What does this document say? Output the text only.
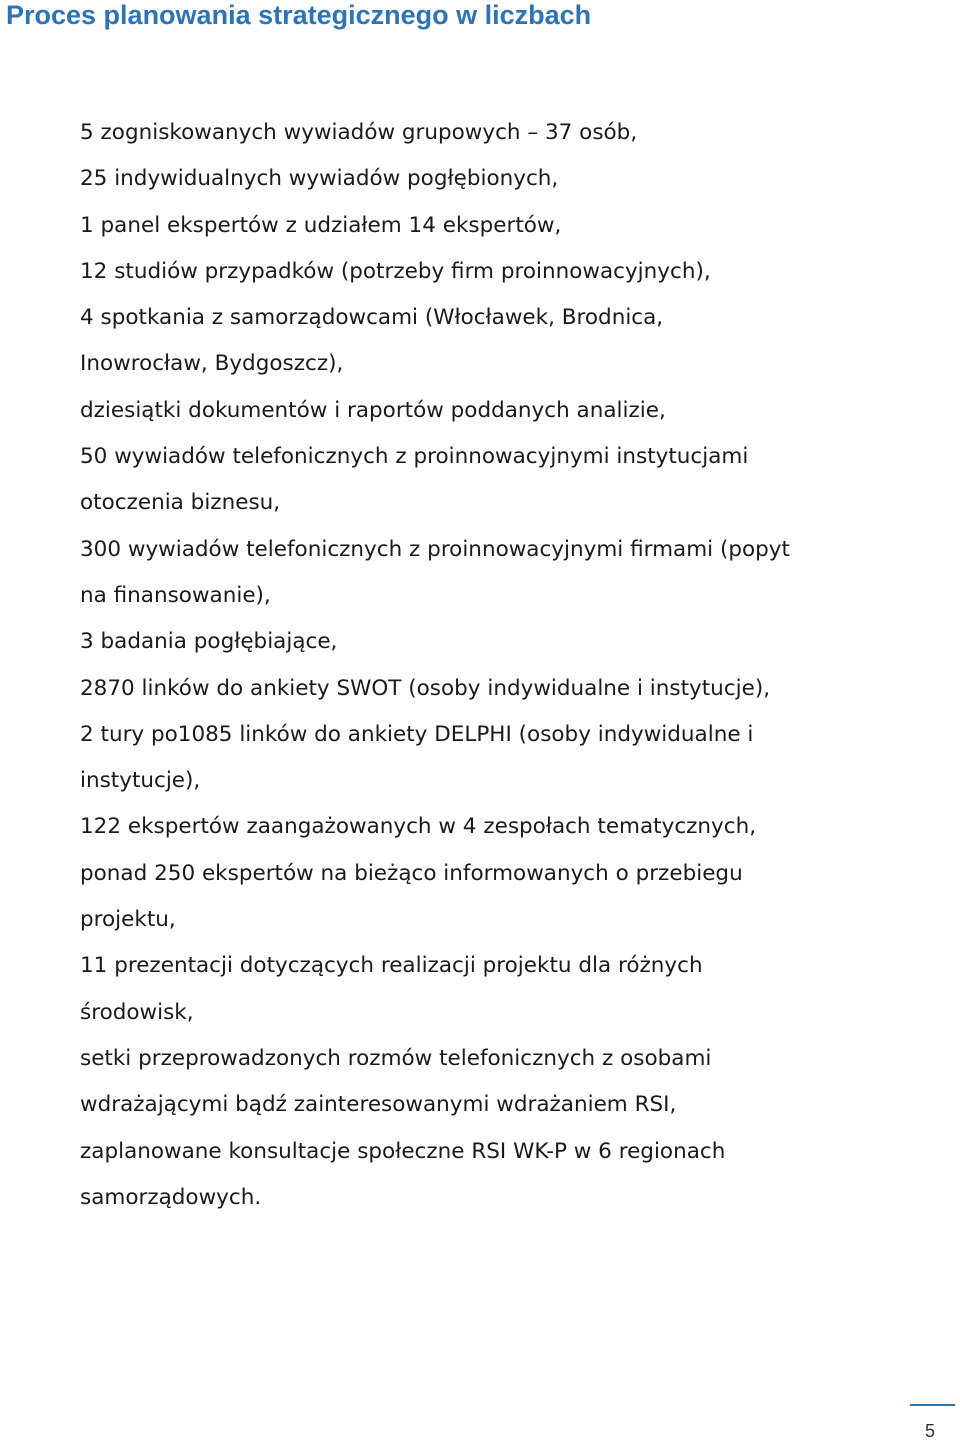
Proces planowania strategicznego w liczbach
5 zogniskowanych wywiadów grupowych – 37 osób,
25 indywidualnych wywiadów pogłębionych,
1 panel ekspertów z udziałem 14 ekspertów,
12 studiów przypadków (potrzeby firm proinnowacyjnych),
4 spotkania z samorządowcami (Włocławek, Brodnica,
Inowrocław, Bydgoszcz),
dziesiątki dokumentów i raportów poddanych analizie,
50 wywiadów telefonicznych z proinnowacyjnymi instytucjami
otoczenia biznesu,
300 wywiadów telefonicznych z proinnowacyjnymi firmami (popyt
na finansowanie),
3 badania pogłębiające,
2870 linków do ankiety SWOT (osoby indywidualne i instytucje),
2 tury po1085 linków do ankiety DELPHI (osoby indywidualne i
instytucje),
122 ekspertów zaangażowanych w 4 zespołach tematycznych,
ponad 250 ekspertów na bieżąco informowanych o przebiegu
projektu,
11 prezentacji dotyczących realizacji projektu dla różnych
środowisk,
setki przeprowadzonych rozmów telefonicznych z osobami
wdrażającymi bądź zainteresowanymi wdrażaniem RSI,
zaplanowane konsultacje społeczne RSI WK-P w 6 regionach
samorządowych.
5
